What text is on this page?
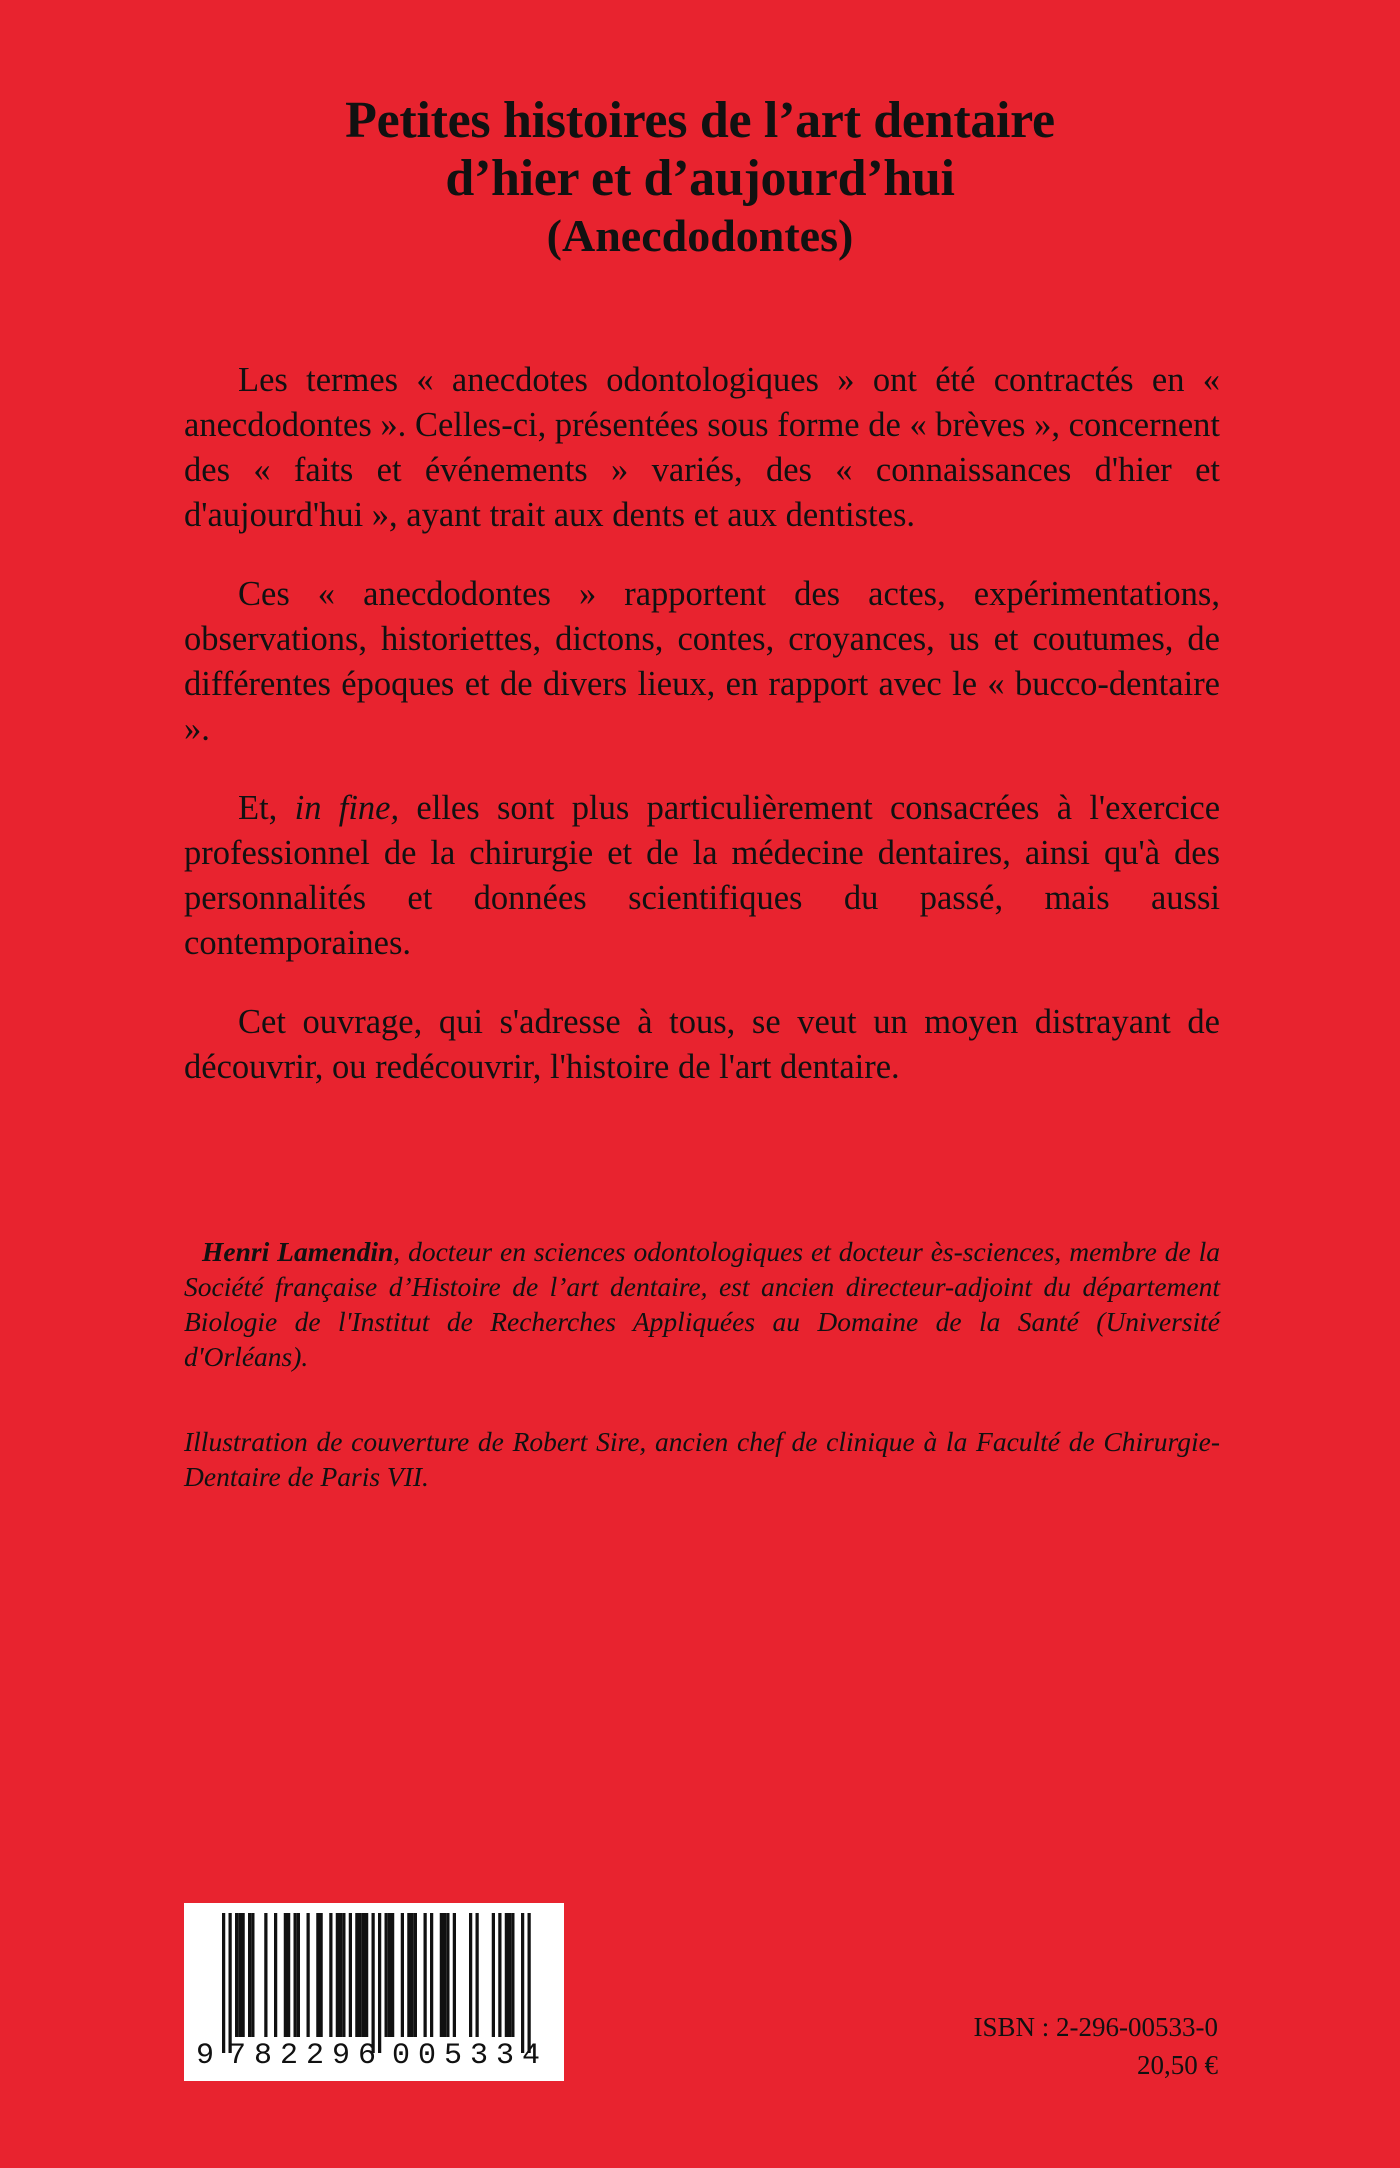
Petites histoires de l’art dentaire
d’hier et d’aujourd’hui
(Anecdodontes)

Les termes « anecdotes odontologiques » ont été contractés en « anecdodontes ». Celles-ci, présentées sous forme de « brèves », concernent des « faits et événements » variés, des « connaissances d'hier et d'aujourd'hui », ayant trait aux dents et aux dentistes.

Ces « anecdodontes » rapportent des actes, expérimentations, observations, historiettes, dictons, contes, croyances, us et coutumes, de différentes époques et de divers lieux, en rapport avec le « bucco-dentaire ».

Et, in fine, elles sont plus particulièrement consacrées à l'exercice professionnel de la chirurgie et de la médecine dentaires, ainsi qu'à des personnalités et données scientifiques du passé, mais aussi contemporaines.

Cet ouvrage, qui s'adresse à tous, se veut un moyen distrayant de découvrir, ou redécouvrir, l'histoire de l'art dentaire.

Henri Lamendin, docteur en sciences odontologiques et docteur ès-sciences, membre de la Société française d’Histoire de l’art dentaire, est ancien directeur-adjoint du département Biologie de l'Institut de Recherches Appliquées au Domaine de la Santé (Université d'Orléans).

Illustration de couverture de Robert Sire, ancien chef de clinique à la Faculté de Chirurgie-Dentaire de Paris VII.

9 782296 005334
ISBN : 2-296-00533-0
20,50 €
